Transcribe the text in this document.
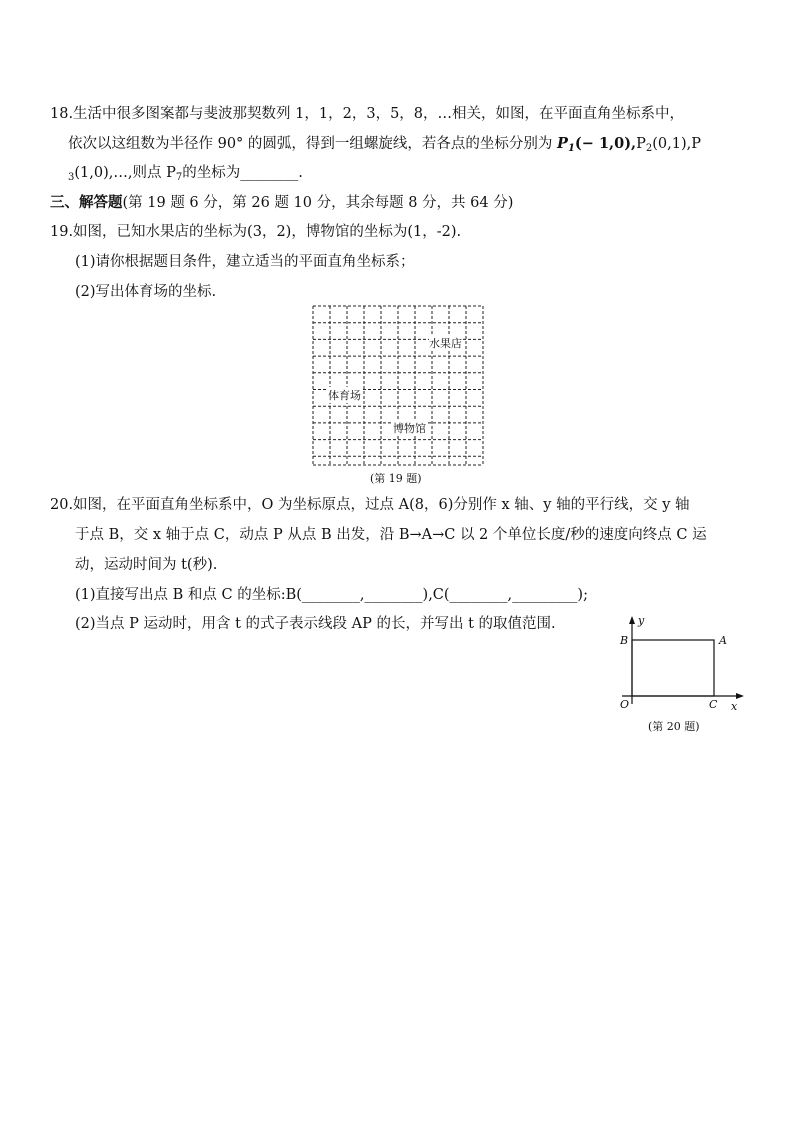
18.生活中很多图案都与斐波那契数列 1，1，2，3，5，8，…相关，如图，在平面直角坐标系中，
依次以这组数为半径作 90° 的圆弧，得到一组螺旋线，若各点的坐标分别为 $P_1(- 1,0),P_2(0,1),P$
$_3$(1,0),…,则点 $P_7$的坐标为________.
三、解答题(第 19 题 6 分，第 26 题 10 分，其余每题 8 分，共 64 分)
19.如图，已知水果店的坐标为(3，2)，博物馆的坐标为(1，-2).
(1)请你根据题目条件，建立适当的平面直角坐标系；
(2)写出体育场的坐标.
水果店
体育场
博物馆
(第 19 题)
20.如图，在平面直角坐标系中，O 为坐标原点，过点 A(8，6)分别作 x 轴、y 轴的平行线，交 y 轴
于点 B，交 x 轴于点 C，动点 P 从点 B 出发，沿 B→A→C 以 2 个单位长度/秒的速度向终点 C 运
动，运动时间为 t(秒).
(1)直接写出点 B 和点 C 的坐标:B(________,________),C(________,_________);
(2)当点 P 运动时，用含 t 的式子表示线段 AP 的长，并写出 t 的取值范围.	y
B	A
O	C x
(第 20 题)
